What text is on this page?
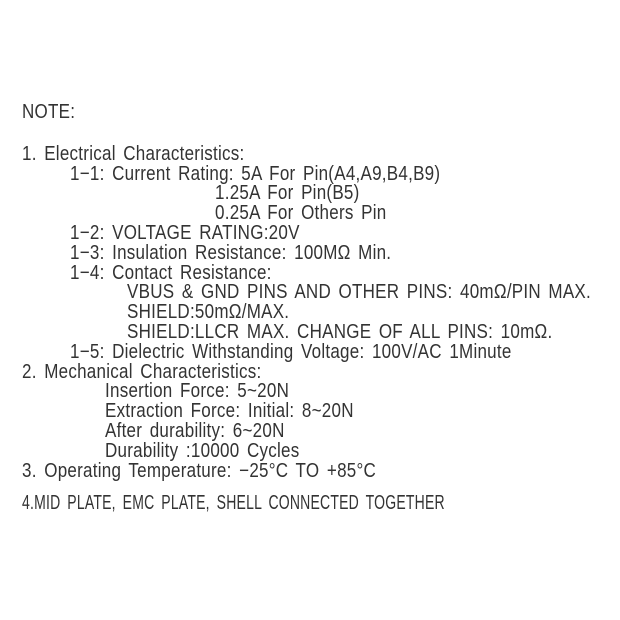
NOTE:
1. Electrical Characteristics:
1−1: Current Rating: 5A For Pin(A4,A9,B4,B9)
1.25A For Pin(B5)
0.25A For Others Pin
1−2: VOLTAGE RATING:20V
1−3: Insulation Resistance: 100MΩ Min.
1−4: Contact Resistance:
VBUS & GND PINS AND OTHER PINS: 40mΩ/PIN MAX.
SHIELD:50mΩ/MAX.
SHIELD:LLCR MAX. CHANGE OF ALL PINS: 10mΩ.
1−5: Dielectric Withstanding Voltage: 100V/AC 1Minute
2. Mechanical Characteristics:
Insertion Force: 5~20N
Extraction Force: Initial: 8~20N
After durability: 6~20N
Durability :10000 Cycles
3. Operating Temperature: −25°C TO +85°C
4.MID PLATE, EMC PLATE, SHELL CONNECTED TOGETHER
